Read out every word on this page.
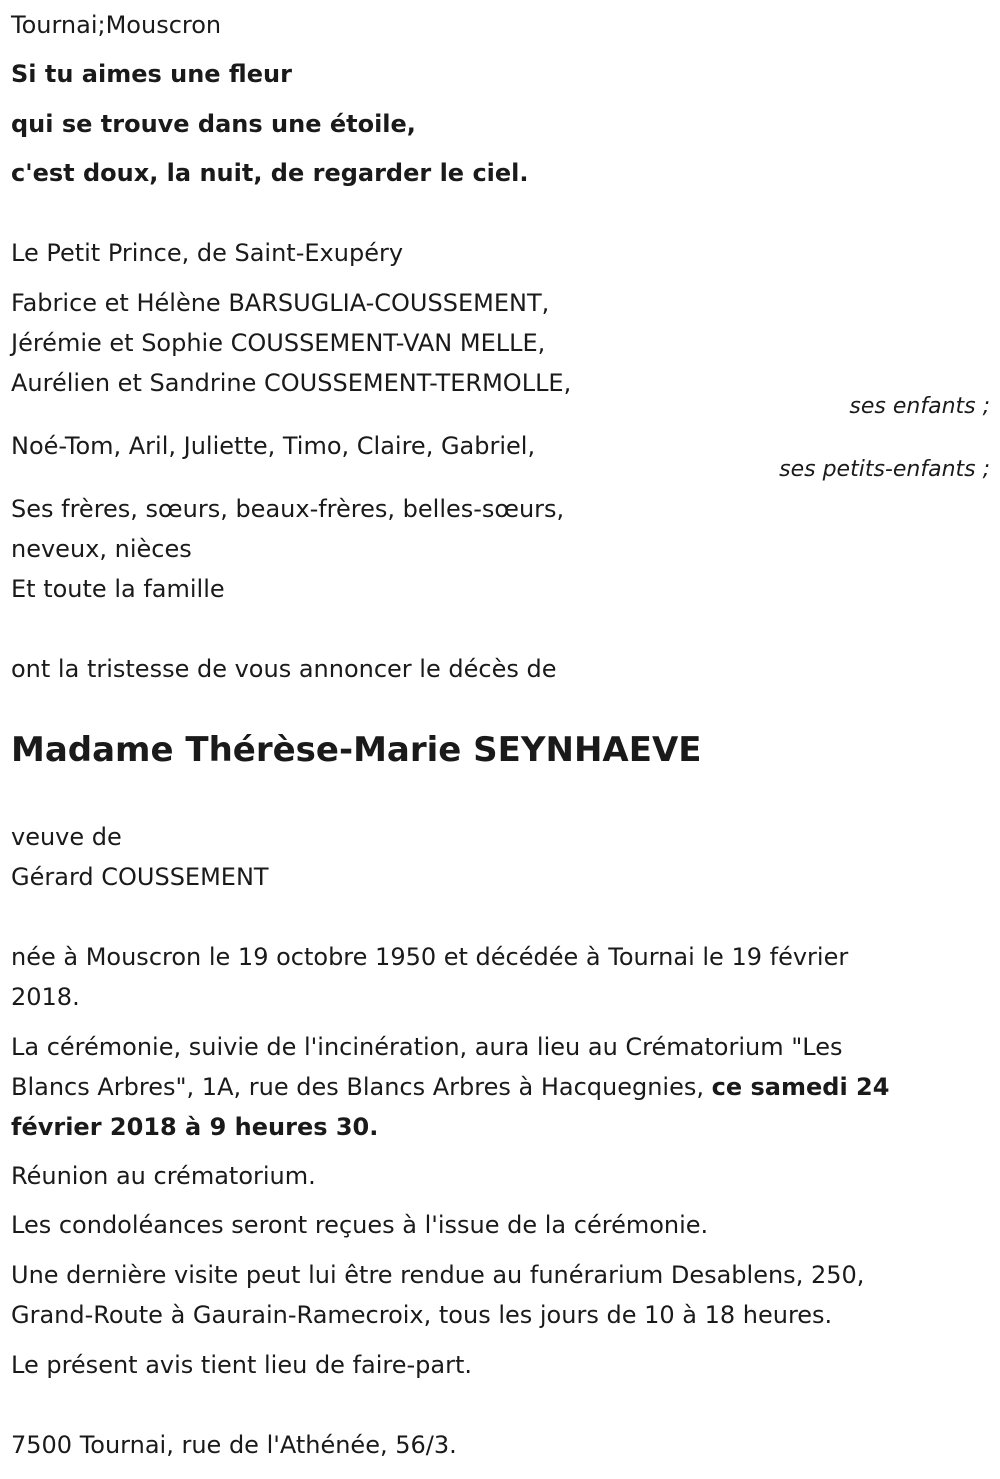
Tournai;Mouscron
Si tu aimes une fleur
qui se trouve dans une étoile,
c'est doux, la nuit, de regarder le ciel.
Le Petit Prince, de Saint-Exupéry
Fabrice et Hélène BARSUGLIA-COUSSEMENT,
Jérémie et Sophie COUSSEMENT-VAN MELLE,
Aurélien et Sandrine COUSSEMENT-TERMOLLE,
ses enfants ;
Noé-Tom, Aril, Juliette, Timo, Claire, Gabriel,
ses petits-enfants ;
Ses frères, sœurs, beaux-frères, belles-sœurs,
neveux, nièces
Et toute la famille
ont la tristesse de vous annoncer le décès de
Madame Thérèse-Marie SEYNHAEVE
veuve de
Gérard COUSSEMENT
née à Mouscron le 19 octobre 1950 et décédée à Tournai le 19 février
2018.
La cérémonie, suivie de l'incinération, aura lieu au Crématorium "Les
Blancs Arbres", 1A, rue des Blancs Arbres à Hacquegnies, ce samedi 24
février 2018 à 9 heures 30.
Réunion au crématorium.
Les condoléances seront reçues à l'issue de la cérémonie.
Une dernière visite peut lui être rendue au funérarium Desablens, 250,
Grand-Route à Gaurain-Ramecroix, tous les jours de 10 à 18 heures.
Le présent avis tient lieu de faire-part.
7500 Tournai, rue de l'Athénée, 56/3.
